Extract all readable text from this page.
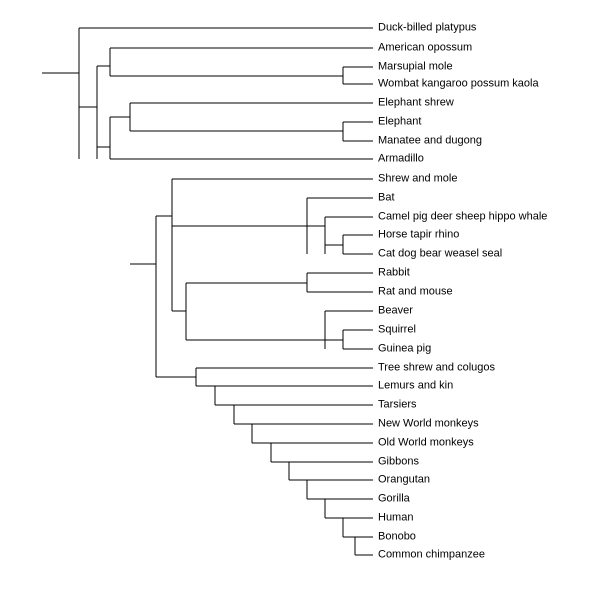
Duck-billed platypus
American opossum
Marsupial mole
Wombat kangaroo possum kaola
Elephant shrew
Elephant
Manatee and dugong
Armadillo
Shrew and mole
Bat
Camel pig deer sheep hippo whale
Horse tapir rhino
Cat dog bear weasel seal
Rabbit
Rat and mouse
Beaver
Squirrel
Guinea pig
Tree shrew and colugos
Lemurs and kin
Tarsiers
New World monkeys
Old World monkeys
Gibbons
Orangutan
Gorilla
Human
Bonobo
Common chimpanzee
